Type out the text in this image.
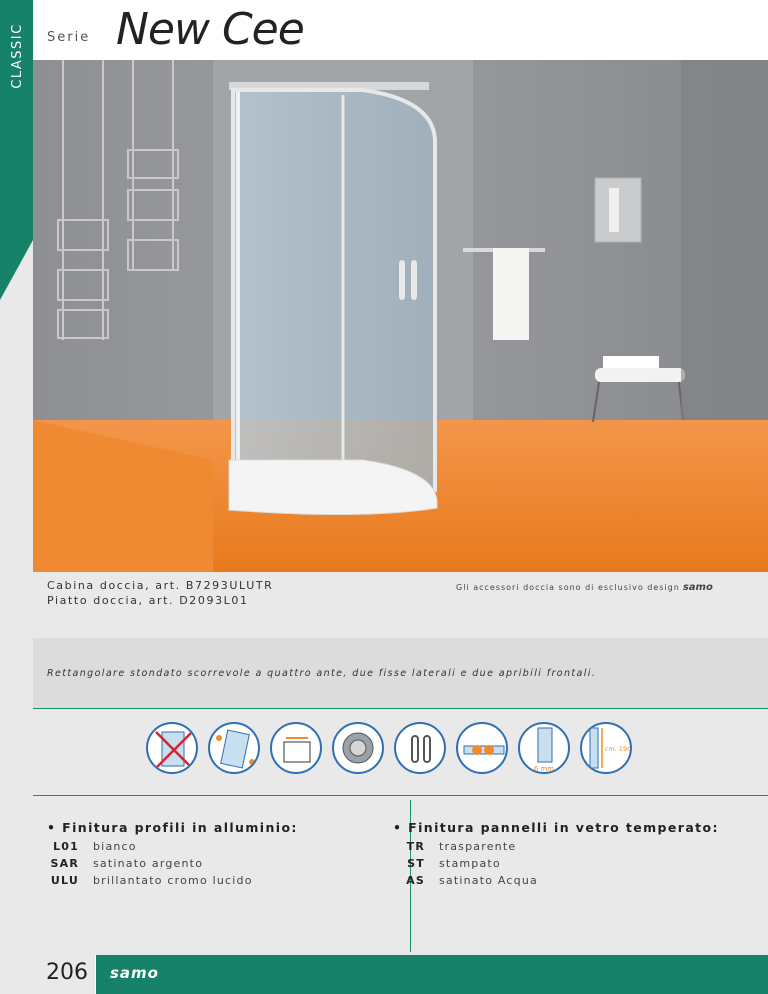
CLASSIC	Serie New Cee
Cabina doccia, art. B7293ULUTR
Piatto doccia, art. D2093L01
Gli accessori doccia sono di esclusivo design samo
Rettangolare stondato scorrevole a quattro ante, due fisse laterali e due apribili frontali.
6 mm.
cm. 190
• Finitura profili in alluminio:
L01	bianco
SAR	satinato argento
ULU	brillantato cromo lucido
• Finitura pannelli in vetro temperato:
TR	trasparente
ST	stampato
AS	satinato Acqua
206 samo
